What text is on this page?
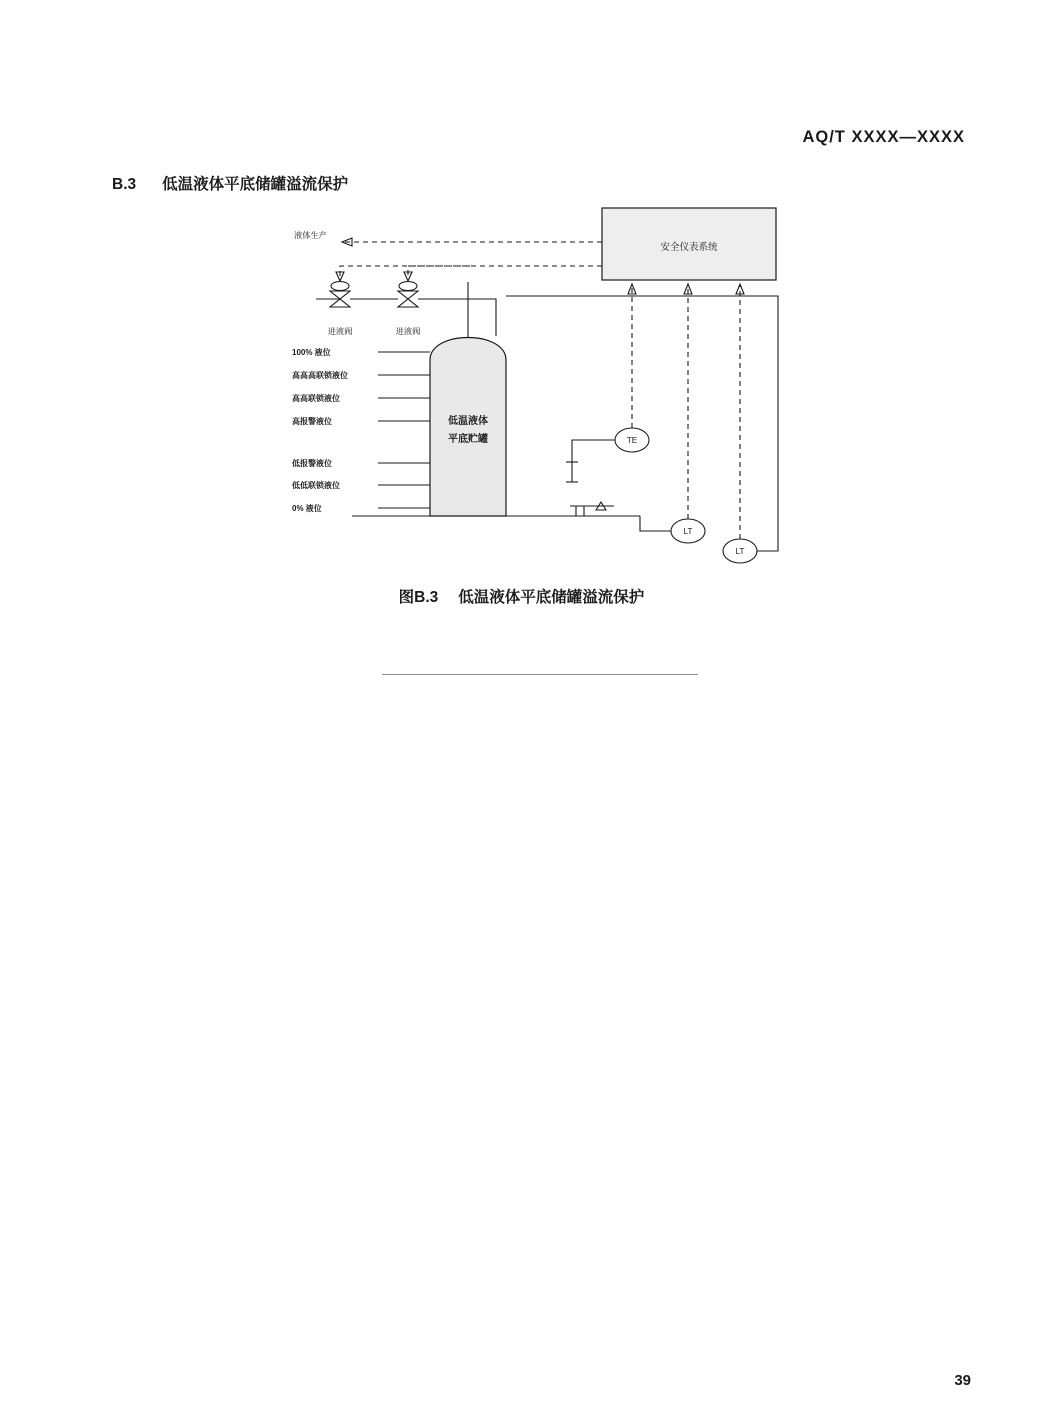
AQ/T XXXX—XXXX
B.3 低温液体平底储罐溢流保护
安全仪表系统
液体生产
进液阀	进液阀
低温液体
平底贮罐
100% 液位
高高高联锁液位
高高联锁液位
高报警液位
低报警液位
低低联锁液位
0% 液位
TE
LT
LT
图B.3 低温液体平底储罐溢流保护
39
